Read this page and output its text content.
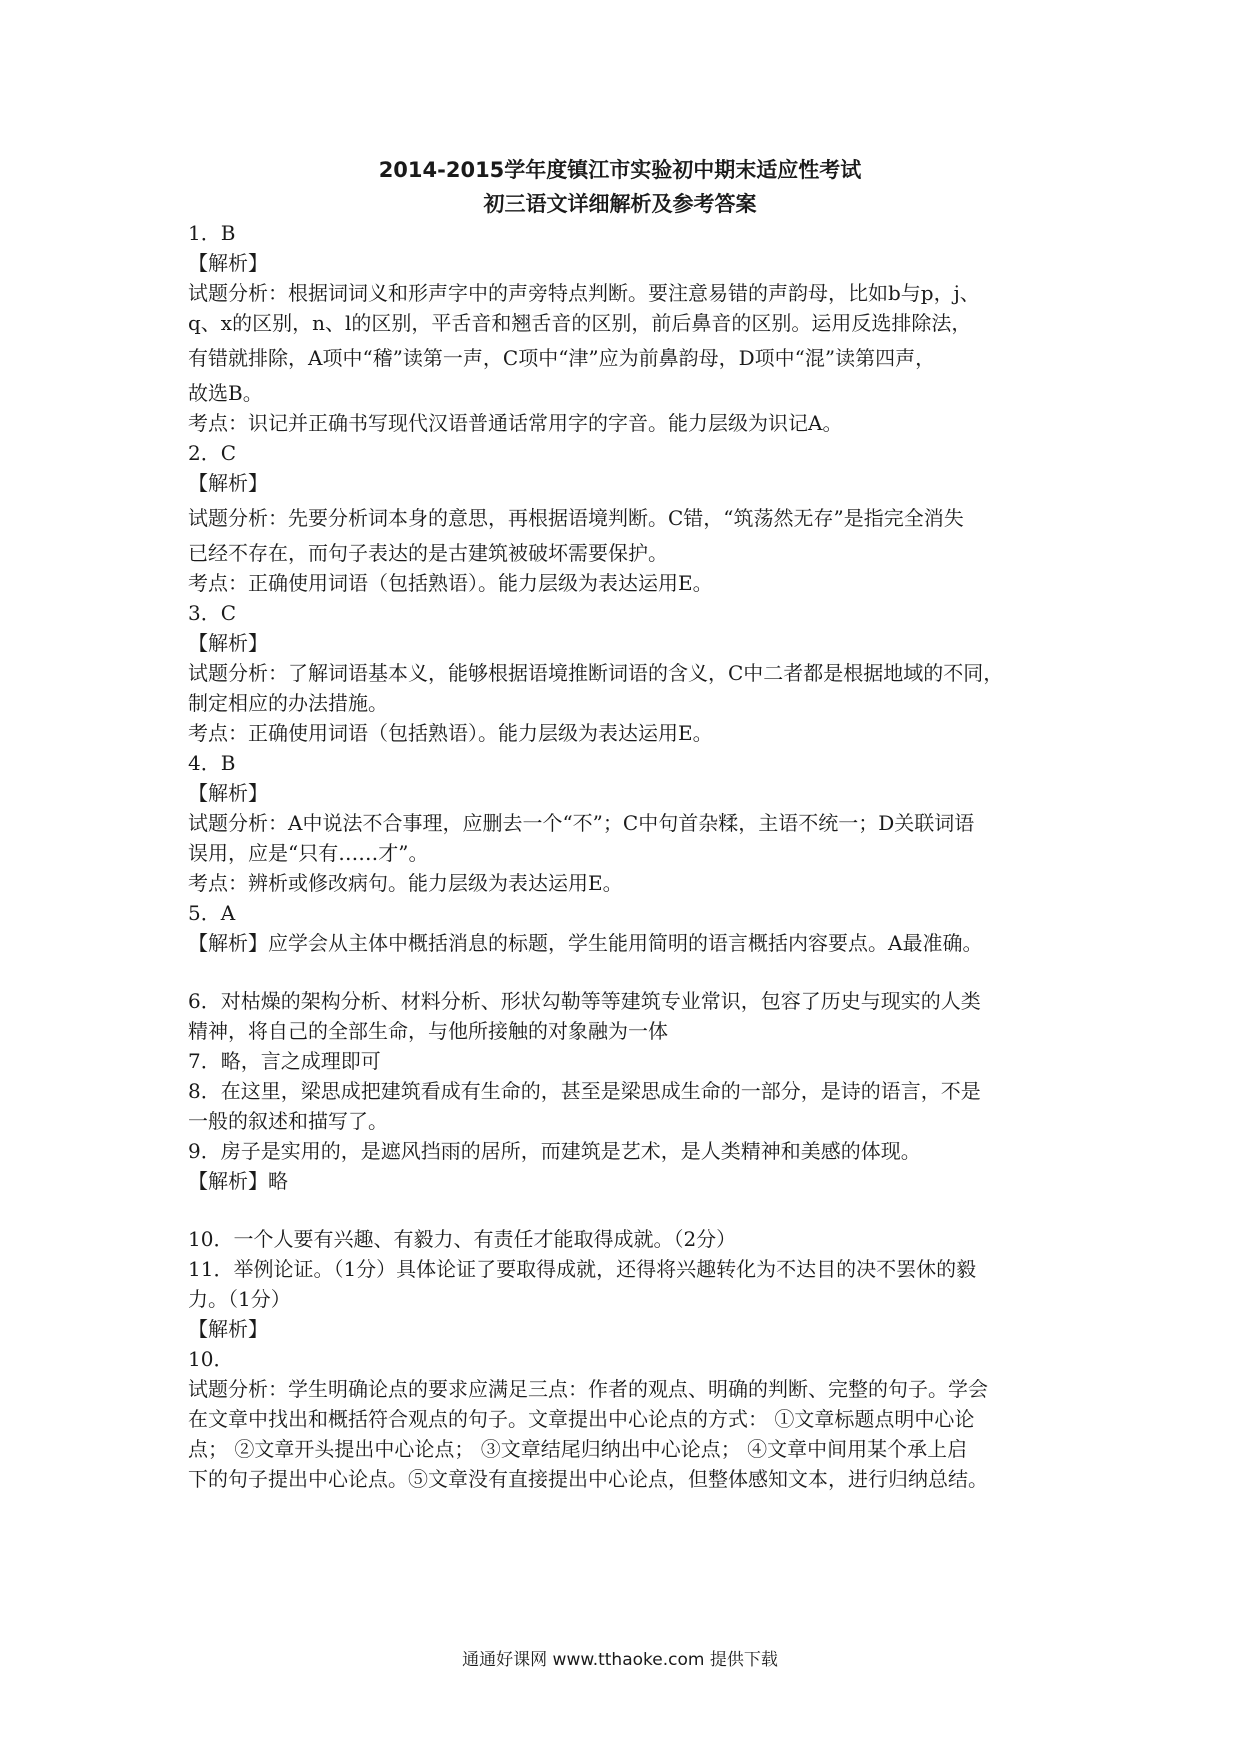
2014-2015学年度镇江市实验初中期末适应性考试
初三语文详细解析及参考答案
1．B
【解析】
试题分析：根据词词义和形声字中的声旁特点判断。要注意易错的声韵母，比如b与p，j、
q、x的区别，n、l的区别，平舌音和翘舌音的区别，前后鼻音的区别。运用反选排除法，
有错就排除，A项中“稽”读第一声，C项中“津”应为前鼻韵母，D项中“混”读第四声，
故选B。
考点：识记并正确书写现代汉语普通话常用字的字音。能力层级为识记A。
2．C
【解析】
试题分析：先要分析词本身的意思，再根据语境判断。C错，“筑荡然无存”是指完全消失
已经不存在，而句子表达的是古建筑被破坏需要保护。
考点：正确使用词语（包括熟语）。能力层级为表达运用E。
3．C
【解析】
试题分析：了解词语基本义，能够根据语境推断词语的含义，C中二者都是根据地域的不同，
制定相应的办法措施。
考点：正确使用词语（包括熟语）。能力层级为表达运用E。
4．B
【解析】
试题分析：A中说法不合事理，应删去一个“不”；C中句首杂糅，主语不统一；D关联词语
误用，应是“只有……才”。
考点：辨析或修改病句。能力层级为表达运用E。
5．A
【解析】应学会从主体中概括消息的标题，学生能用简明的语言概括内容要点。A最准确。
6．对枯燥的架构分析、材料分析、形状勾勒等等建筑专业常识，包容了历史与现实的人类
精神，将自己的全部生命，与他所接触的对象融为一体
7．略，言之成理即可
8．在这里，梁思成把建筑看成有生命的，甚至是梁思成生命的一部分，是诗的语言，不是
一般的叙述和描写了。
9．房子是实用的，是遮风挡雨的居所，而建筑是艺术，是人类精神和美感的体现。
【解析】略
10．一个人要有兴趣、有毅力、有责任才能取得成就。（2分）
11．举例论证。（1分）具体论证了要取得成就，还得将兴趣转化为不达目的决不罢休的毅
力。（1分）
【解析】
10．
试题分析：学生明确论点的要求应满足三点：作者的观点、明确的判断、完整的句子。学会
在文章中找出和概括符合观点的句子。文章提出中心论点的方式： ①文章标题点明中心论
点； ②文章开头提出中心论点； ③文章结尾归纳出中心论点； ④文章中间用某个承上启
下的句子提出中心论点。⑤文章没有直接提出中心论点，但整体感知文本，进行归纳总结。
通通好课网 www.tthaoke.com 提供下载
